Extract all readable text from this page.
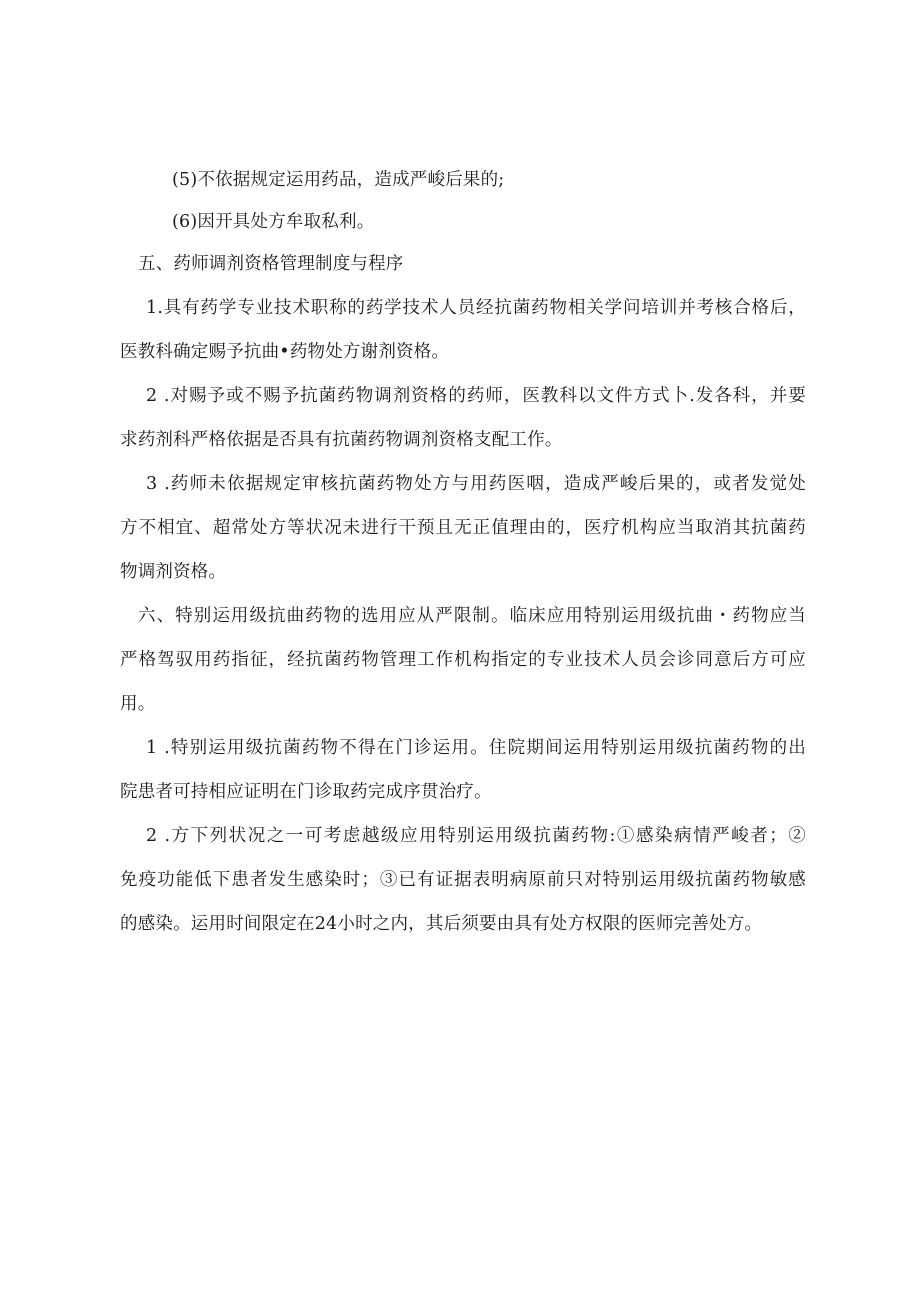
(5)不依据规定运用药品，造成严峻后果的;
(6)因开具处方牟取私利。
五、药师调剂资格管理制度与程序
1.具有药学专业技术职称的药学技术人员经抗菌药物相关学问培训并考核合格后，
医教科确定赐予抗曲•药物处方谢剂资格。
2 .对赐予或不赐予抗菌药物调剂资格的药师，医教科以文件方式卜.发各科，并要
求药剂科严格依据是否具有抗菌药物调剂资格支配工作。
3 .药师未依据规定审核抗菌药物处方与用药医咽，造成严峻后果的，或者发觉处
方不相宜、超常处方等状况未进行干预且无正值理由的，医疗机构应当取消其抗菌药
物调剂资格。
六、特别运用级抗曲药物的选用应从严限制。临床应用特别运用级抗曲・药物应当
严格驾驭用药指征，经抗菌药物管理工作机构指定的专业技术人员会诊同意后方可应
用。
1 .特别运用级抗菌药物不得在门诊运用。住院期间运用特别运用级抗菌药物的出
院患者可持相应证明在门诊取药完成序贯治疗。
2 .方下列状况之一可考虑越级应用特别运用级抗菌药物:①感染病情严峻者；②
免疫功能低下患者发生感染时；③已有证据表明病原前只对特别运用级抗菌药物敏感
的感染。运用时间限定在24小时之内，其后须要由具有处方权限的医师完善处方。
